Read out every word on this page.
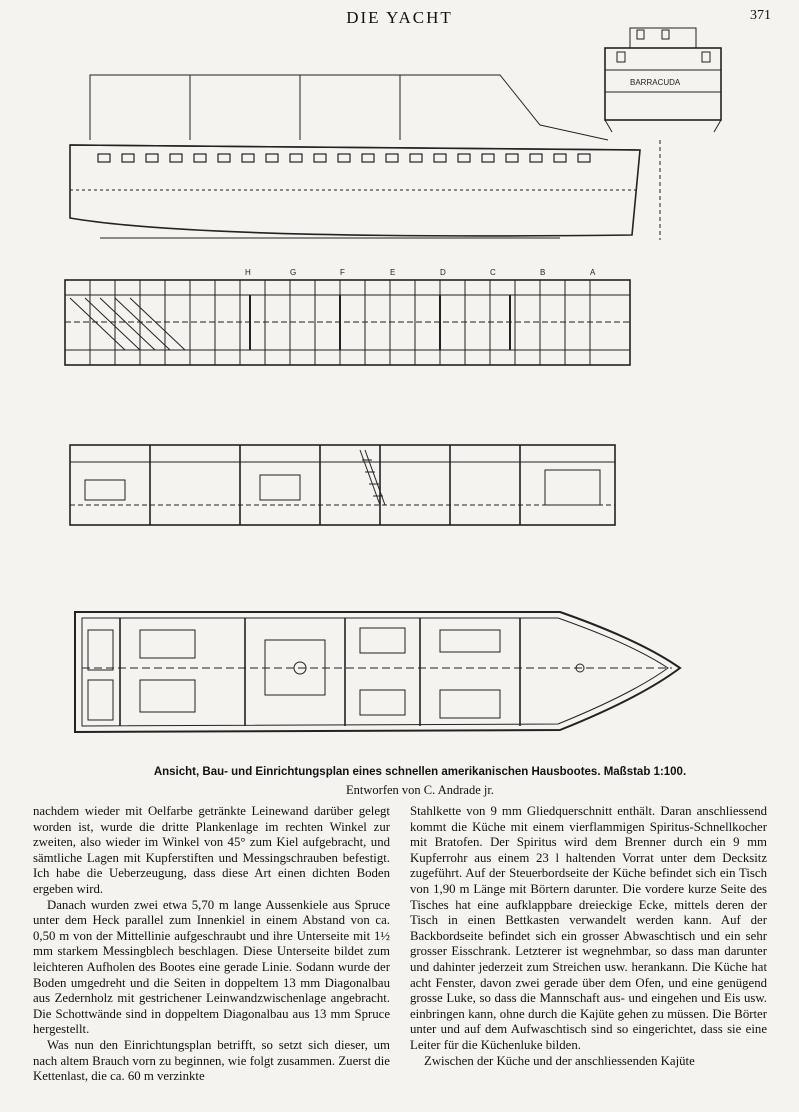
DIE YACHT	371
BARRACUDA
H	G	F	E	D	C	B	A
Ansicht, Bau- und Einrichtungsplan eines schnellen amerikanischen Hausbootes. Maßstab 1:100.
Entworfen von C. Andrade jr.

nachdem wieder mit Oelfarbe getränkte Leinewand darüber gelegt worden ist, wurde die dritte Plankenlage im rechten Winkel zur zweiten, also wieder im Winkel von 45° zum Kiel aufgebracht, und sämtliche Lagen mit Kupferstiften und Messingschrauben befestigt. Ich habe die Ueberzeugung, dass diese Art einen dichten Boden ergeben wird.

Danach wurden zwei etwa 5,70 m lange Aussenkiele aus Spruce unter dem Heck parallel zum Innenkiel in einem Abstand von ca. 0,50 m von der Mittellinie aufgeschraubt und ihre Unterseite mit 1½ mm starkem Messingblech beschlagen. Diese Unterseite bildet zum leichteren Aufholen des Bootes eine gerade Linie. Sodann wurde der Boden umgedreht und die Seiten in doppeltem 13 mm Diagonalbau aus Zedernholz mit gestrichener Leinwandzwischenlage angebracht. Die Schottwände sind in doppeltem Diagonalbau aus 13 mm Spruce hergestellt.

Was nun den Einrichtungsplan betrifft, so setzt sich dieser, um nach altem Brauch vorn zu beginnen, wie folgt zusammen. Zuerst die Kettenlast, die ca. 60 m verzinkte

Stahlkette von 9 mm Gliedquerschnitt enthält. Daran anschliessend kommt die Küche mit einem vierflammigen Spiritus-Schnellkocher mit Bratofen. Der Spiritus wird dem Brenner durch ein 9 mm Kupferrohr aus einem 23 l haltenden Vorrat unter dem Decksitz zugeführt. Auf der Steuerbordseite der Küche befindet sich ein Tisch von 1,90 m Länge mit Börtern darunter. Die vordere kurze Seite des Tisches hat eine aufklappbare dreieckige Ecke, mittels deren der Tisch in einen Bettkasten verwandelt werden kann. Auf der Backbordseite befindet sich ein grosser Abwaschtisch und ein sehr grosser Eisschrank. Letzterer ist wegnehmbar, so dass man darunter und dahinter jederzeit zum Streichen usw. herankann. Die Küche hat acht Fenster, davon zwei gerade über dem Ofen, und eine genügend grosse Luke, so dass die Mannschaft aus- und eingehen und Eis usw. einbringen kann, ohne durch die Kajüte gehen zu müssen. Die Börter unter und auf dem Aufwaschtisch sind so eingerichtet, dass sie eine Leiter für die Küchenluke bilden.

Zwischen der Küche und der anschliessenden Kajüte
